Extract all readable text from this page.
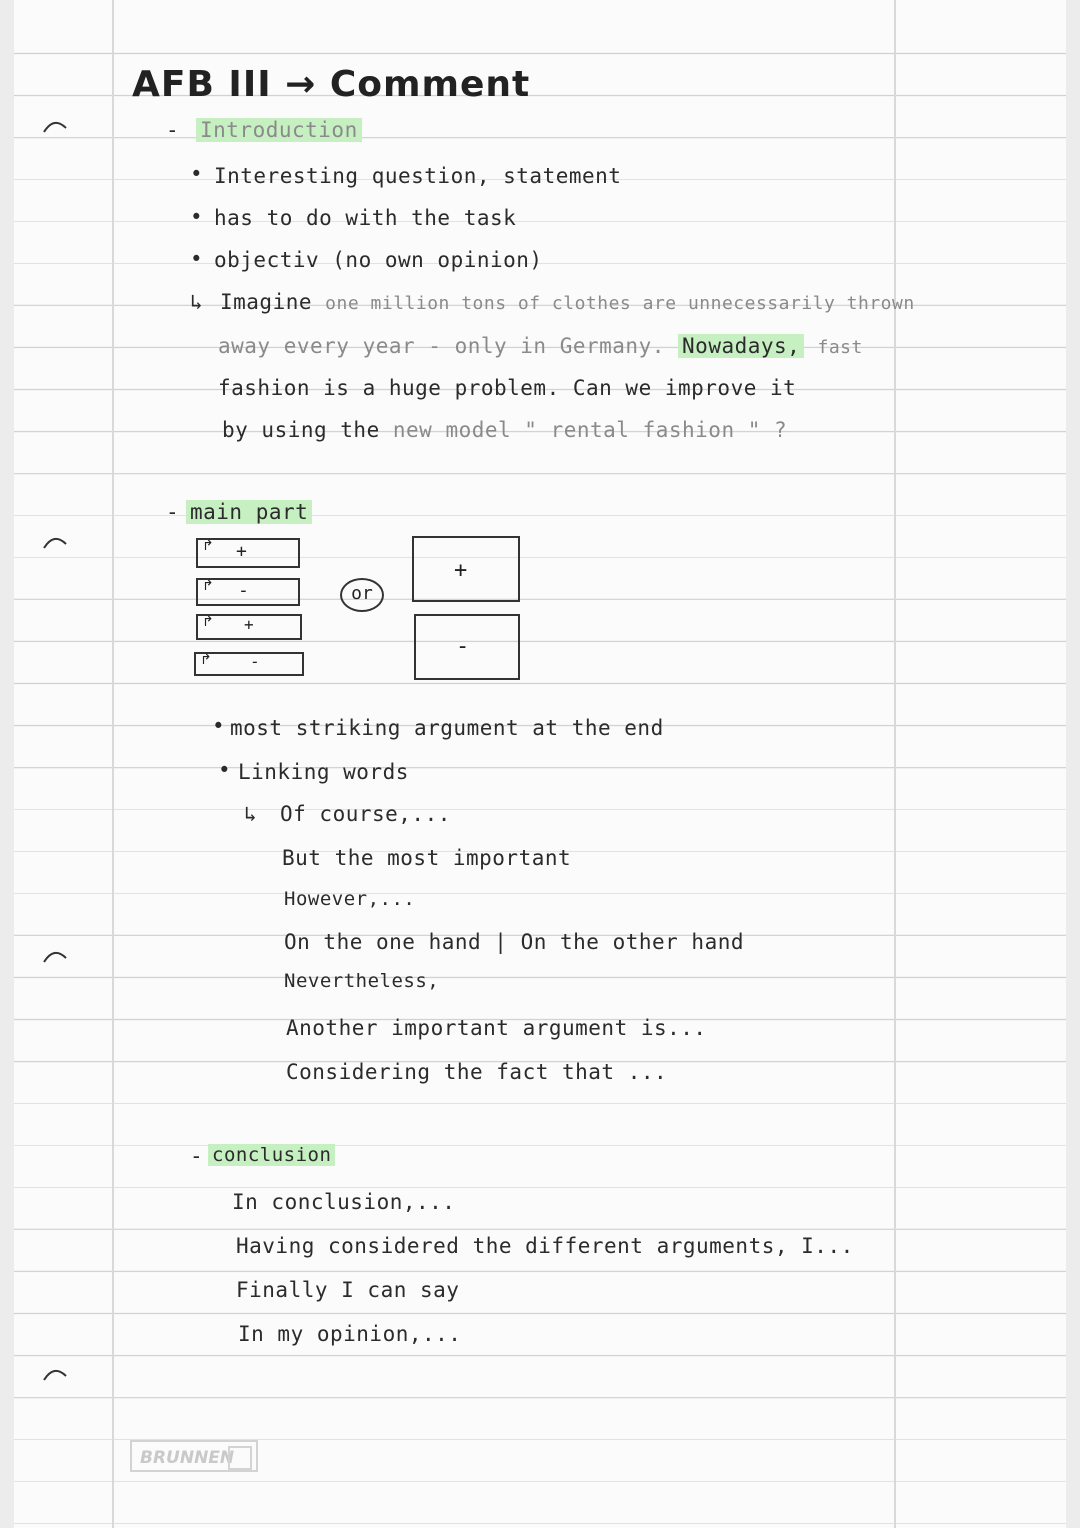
AFB III → Comment
- Introduction
• Interesting question, statement
• has to do with the task
• objectiv (no own opinion)
↳ Imagine one million tons of clothes are unnecessarily thrown
away every year - only in Germany. Nowadays, fast
fashion is a huge problem. Can we improve it
by using the new model " rental fashion " ?
- main part
↱ +
↱ -
↱ +
↱ -
or
+
-
• most striking argument at the end
• Linking words
↳ Of course,...
But the most important
However,...
On the one hand | On the other hand
Nevertheless,
Another important argument is...
Considering the fact that ...
- conclusion
In conclusion,...
Having considered the different arguments, I...
Finally I can say
In my opinion,...
BRUNNEN
